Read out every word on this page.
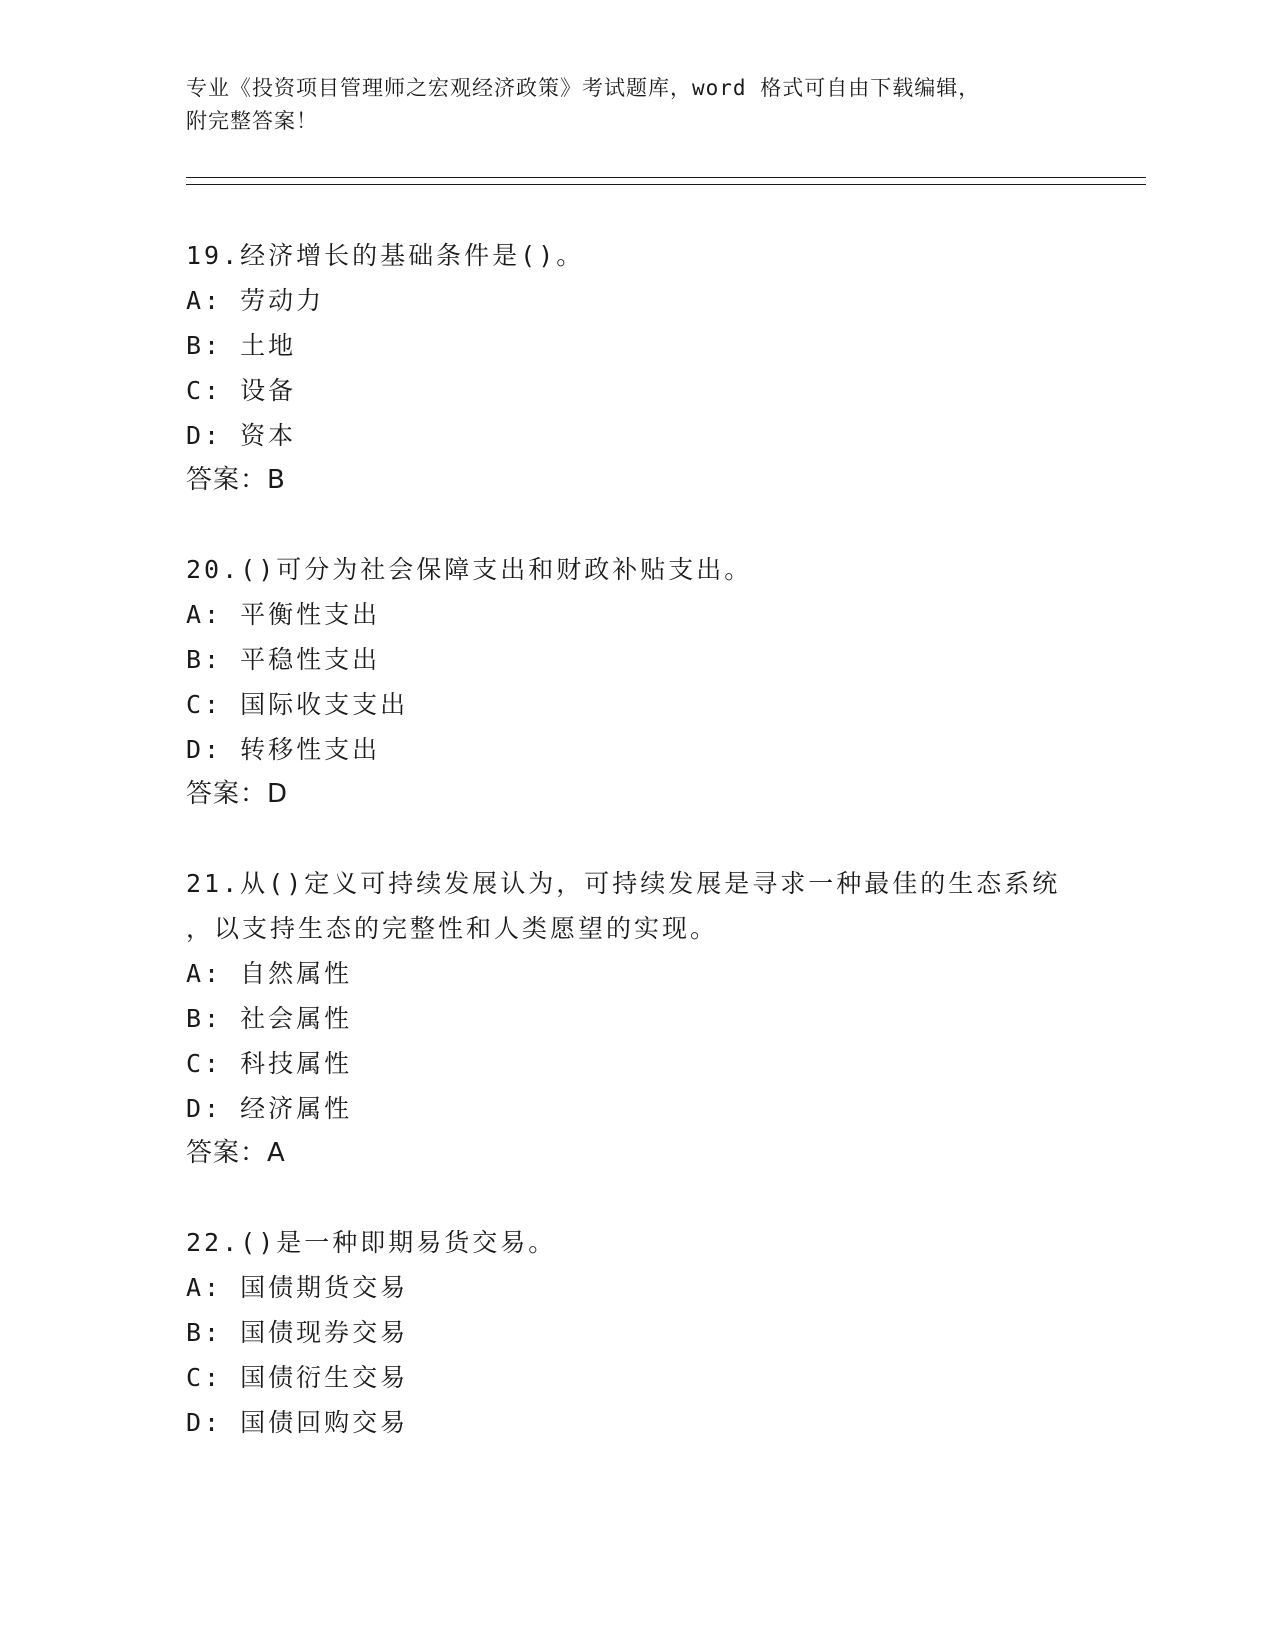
专业《投资项目管理师之宏观经济政策》考试题库，word 格式可自由下载编辑，
附完整答案！
19.经济增长的基础条件是()。
A: 劳动力
B: 土地
C: 设备
D: 资本
答案：B
20.()可分为社会保障支出和财政补贴支出。
A: 平衡性支出
B: 平稳性支出
C: 国际收支支出
D: 转移性支出
答案：D
21.从()定义可持续发展认为，可持续发展是寻求一种最佳的生态系统
，以支持生态的完整性和人类愿望的实现。
A: 自然属性
B: 社会属性
C: 科技属性
D: 经济属性
答案：A
22.()是一种即期易货交易。
A: 国债期货交易
B: 国债现券交易
C: 国债衍生交易
D: 国债回购交易
